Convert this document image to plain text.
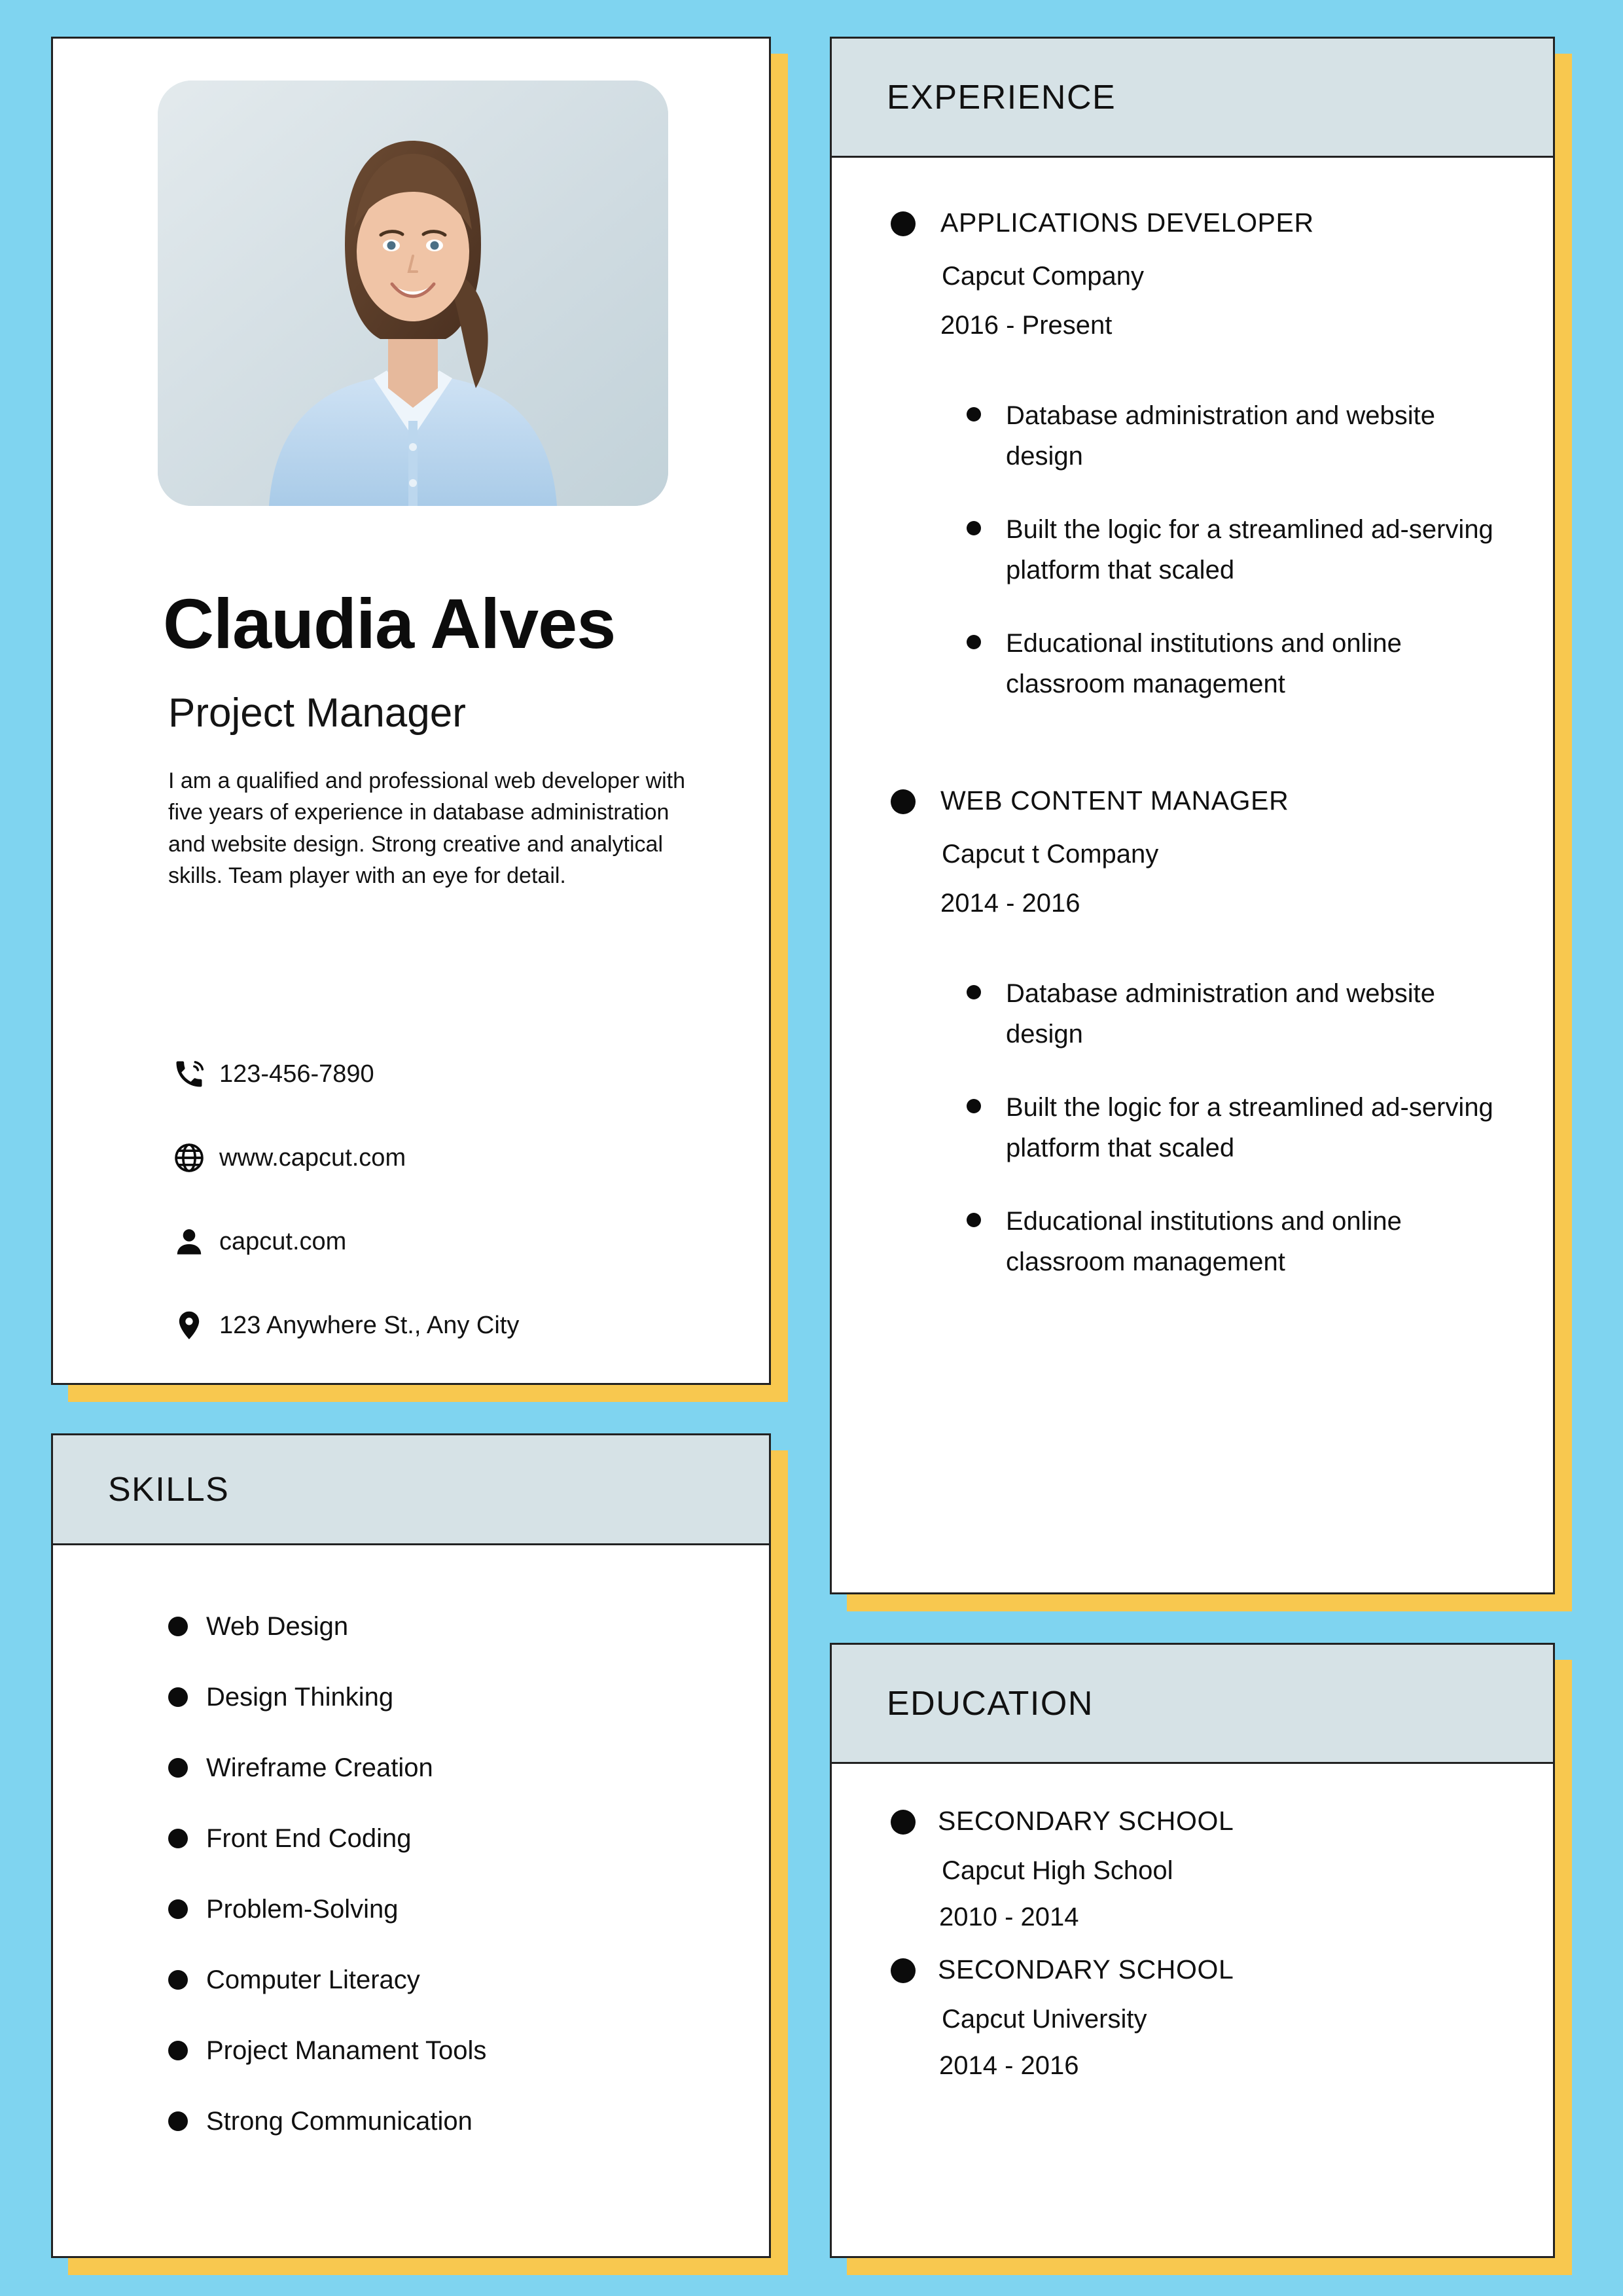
Claudia Alves
Project Manager
I am a qualified and professional web developer with five years of experience in database administration and website design. Strong creative and analytical skills. Team player with an eye for detail.
123-456-7890
www.capcut.com
capcut.com
123 Anywhere St., Any City
SKILLS
Web Design
Design Thinking
Wireframe Creation
Front End Coding
Problem-Solving
Computer Literacy
Project Manament Tools
Strong Communication
EXPERIENCE
APPLICATIONS DEVELOPER
Capcut Company
2016 - Present
Database administration and website design
Built the logic for a streamlined ad-serving platform that scaled
Educational institutions and online classroom management
WEB CONTENT MANAGER
Capcut t Company
2014 - 2016
Database administration and website design
Built the logic for a streamlined ad-serving platform that scaled
Educational institutions and online classroom management
EDUCATION
SECONDARY SCHOOL
Capcut High School
2010 - 2014
SECONDARY SCHOOL
Capcut University
2014 - 2016
